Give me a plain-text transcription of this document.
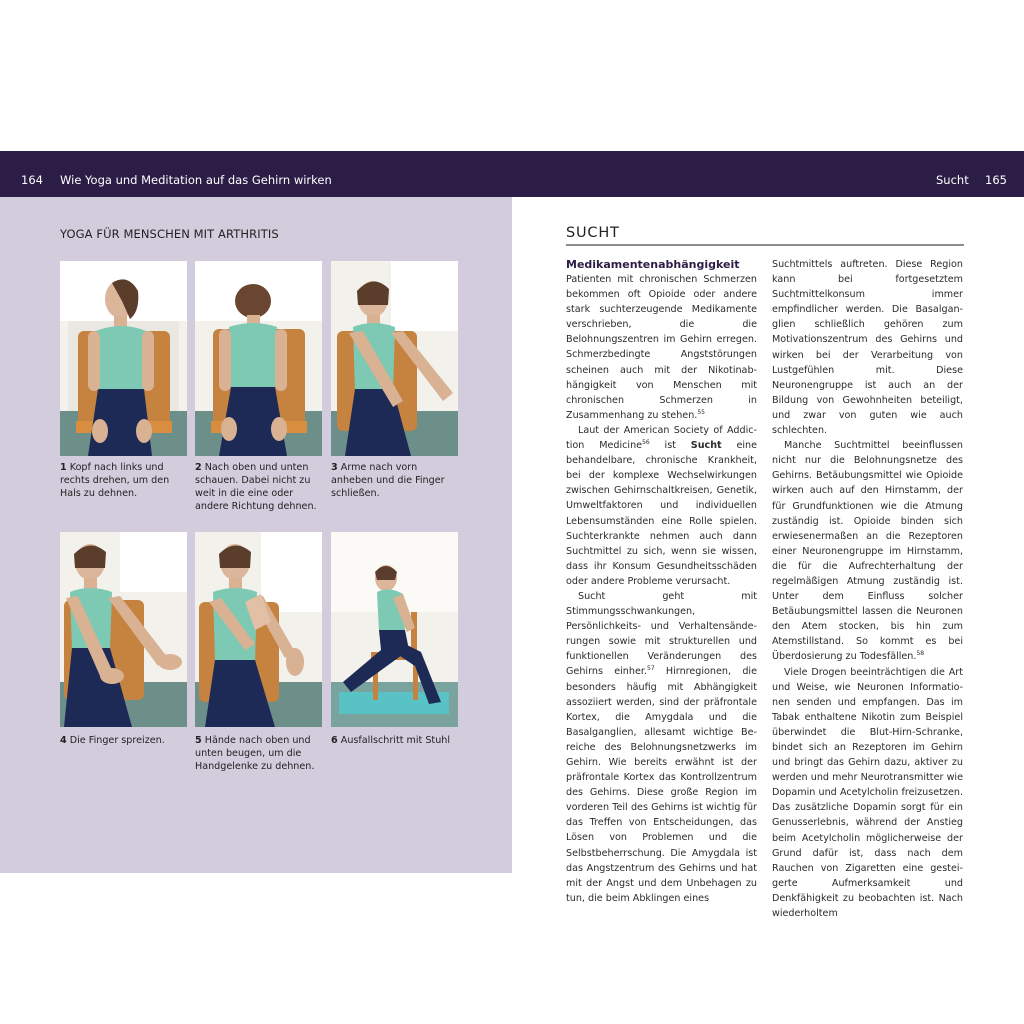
164 Wie Yoga und Meditation auf das Gehirn wirken	Sucht 165
YOGA FÜR MENSCHEN MIT ARTHRITIS
1 Kopf nach links und rechts drehen, um den Hals zu dehnen.
2 Nach oben und unten schauen. Dabei nicht zu weit in die eine oder andere Richtung dehnen.
3 Arme nach vorn anheben und die Finger schließen.
4 Die Finger spreizen.	5 Hände nach oben und unten beugen, um die Handgelenke zu dehnen.
6 Ausfallschritt mit Stuhl
SUCHT
Medikamentenabhängigkeit

Patienten mit chronischen Schmerzen bekommen oft Opioide oder andere stark suchterzeugende Medikamente verschrieben, die die Belohnungszentren im Gehirn erregen. Schmerzbedingte Angststörungen scheinen auch mit der Nikotinabhängigkeit von Menschen mit chronischen Schmerzen in Zusammenhang zu stehen.$^{55}$

Laut der American Society of Addiction Medicine$^{56}$ ist Sucht eine behandelbare, chronische Krankheit, bei der komplexe Wechselwirkungen zwischen Gehirnschaltkreisen, Genetik, Umweltfaktoren und individuellen Lebensumständen eine Rolle spielen. Suchterkrankte nehmen auch dann Suchtmittel zu sich, wenn sie wissen, dass ihr Konsum Gesundheitsschäden oder andere Probleme verursacht.

Sucht geht mit Stimmungsschwankungen, Persönlichkeits- und Verhaltensänderungen sowie mit strukturellen und funktionellen Veränderungen des Gehirns einher.$^{57}$ Hirnregionen, die besonders häufig mit Abhängigkeit assoziiert werden, sind der präfrontale Kortex, die Amygdala und die Basalganglien, allesamt wichtige Bereiche des Belohnungsnetzwerks im Gehirn. Wie bereits erwähnt ist der präfrontale Kortex das Kontrollzentrum des Gehirns. Diese große Region im vorderen Teil des Gehirns ist wichtig für das Treffen von Entscheidungen, das Lösen von Problemen und die Selbstbeherrschung. Die Amygdala ist das Angstzentrum des Gehirns und hat mit der Angst und dem Unbehagen zu tun, die beim Abklingen eines

Suchtmittels auftreten. Diese Region kann bei fortgesetztem Suchtmittelkonsum immer empfindlicher werden. Die Basalganglien schließlich gehören zum Motivationszentrum des Gehirns und wirken bei der Verarbeitung von Lustgefühlen mit. Diese Neuronengruppe ist auch an der Bildung von Gewohnheiten beteiligt, und zwar von guten wie auch schlechten.

Manche Suchtmittel beeinflussen nicht nur die Belohnungsnetze des Gehirns. Betäubungsmittel wie Opioide wirken auch auf den Hirnstamm, der für Grundfunktionen wie die Atmung zuständig ist. Opioide binden sich erwiesenermaßen an die Rezeptoren einer Neuronengruppe im Hirnstamm, die für die Aufrechterhaltung der regelmäßigen Atmung zuständig ist. Unter dem Einfluss solcher Betäubungsmittel lassen die Neuronen den Atem stocken, bis hin zum Atemstillstand. So kommt es bei Überdosierung zu Todesfällen.$^{58}$

Viele Drogen beeinträchtigen die Art und Weise, wie Neuronen Informationen senden und empfangen. Das im Tabak enthaltene Nikotin zum Beispiel überwindet die Blut-Hirn-Schranke, bindet sich an Rezeptoren im Gehirn und bringt das Gehirn dazu, aktiver zu werden und mehr Neurotransmitter wie Dopamin und Acetylcholin freizusetzen. Das zusätzliche Dopamin sorgt für ein Genusserlebnis, während der Anstieg beim Acetylcholin möglicherweise der Grund dafür ist, dass nach dem Rauchen von Zigaretten eine gesteigerte Aufmerksamkeit und Denkfähigkeit zu beobachten ist. Nach wiederholtem
